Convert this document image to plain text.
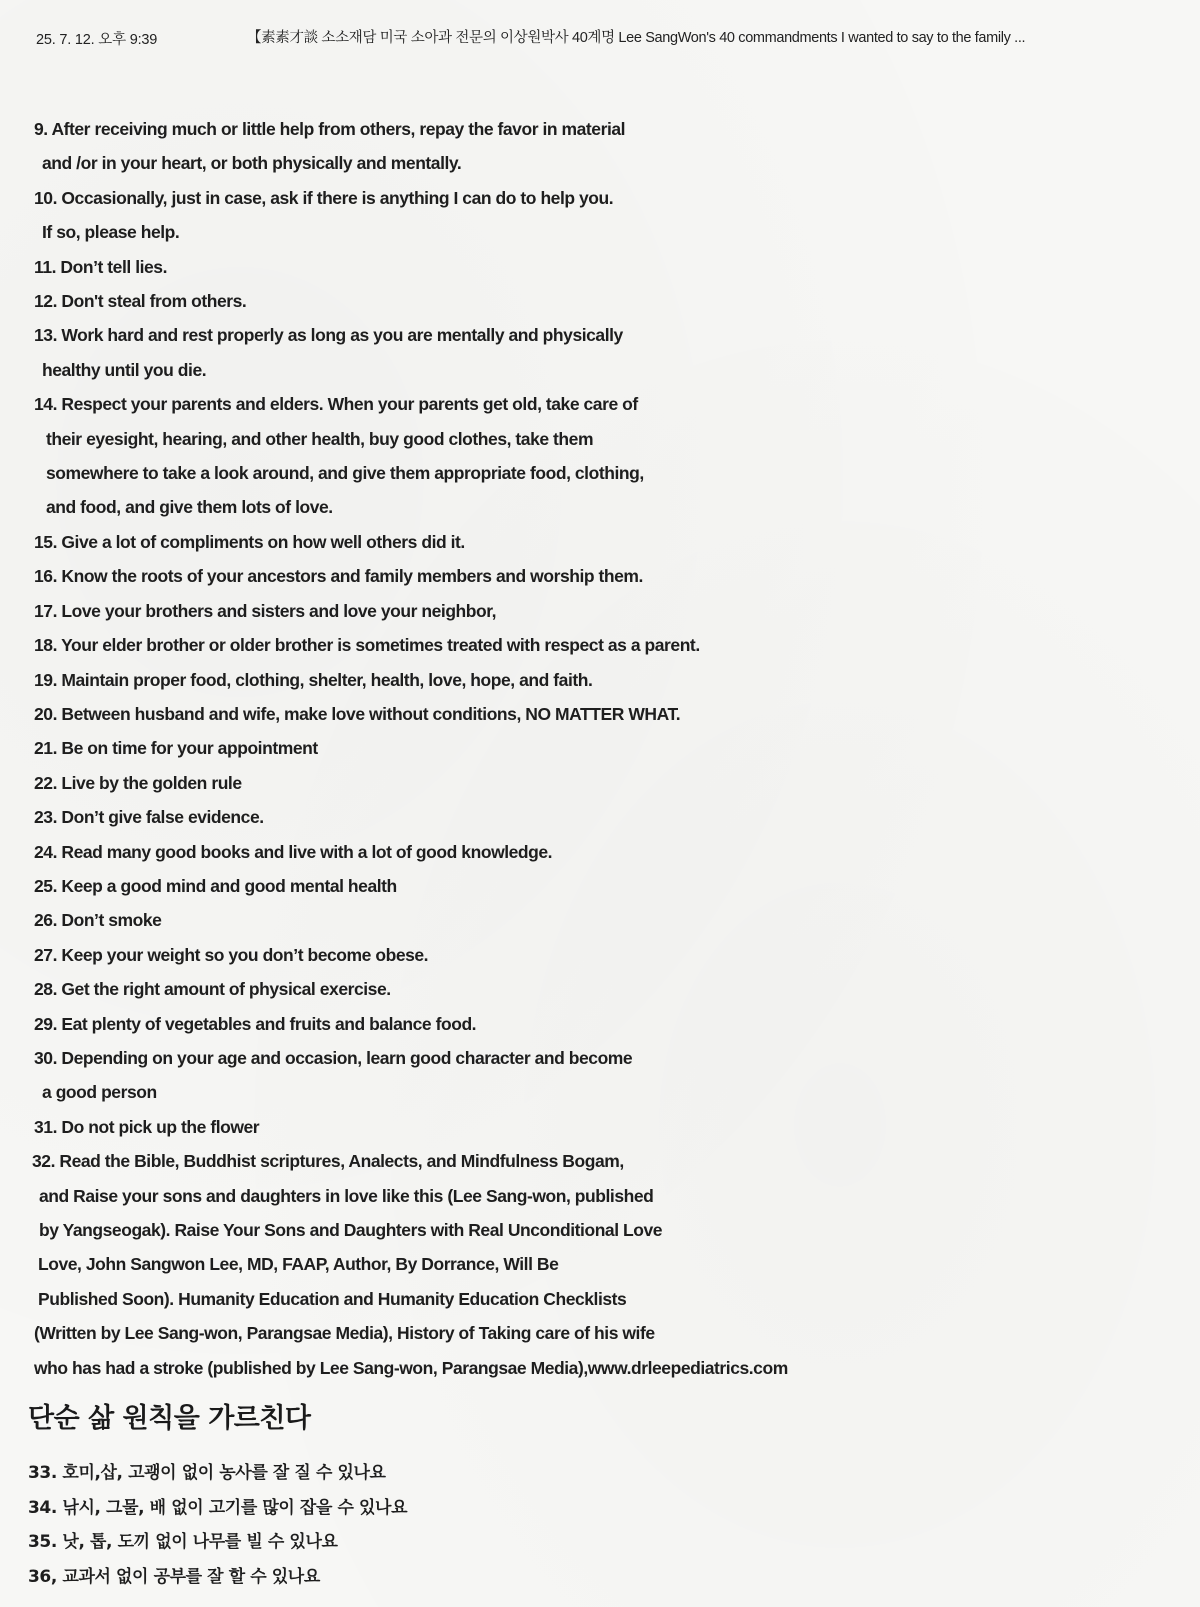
25. 7. 12. 오후 9:39	【素素才談 소소재담 미국 소아과 전문의 이상원박사 40계명 Lee SangWon's 40 commandments I wanted to say to the family ...
9. After receiving much or little help from others, repay the favor in material
and /or in your heart, or both physically and mentally.
10. Occasionally, just in case, ask if there is anything I can do to help you.
If so, please help.
11. Don’t tell lies.
12. Don't steal from others.
13. Work hard and rest properly as long as you are mentally and physically
healthy until you die.
14. Respect your parents and elders. When your parents get old, take care of
their eyesight, hearing, and other health, buy good clothes, take them
somewhere to take a look around, and give them appropriate food, clothing,
and food, and give them lots of love.
15. Give a lot of compliments on how well others did it.
16. Know the roots of your ancestors and family members and worship them.
17. Love your brothers and sisters and love your neighbor,
18. Your elder brother or older brother is sometimes treated with respect as a parent.
19. Maintain proper food, clothing, shelter, health, love, hope, and faith.
20. Between husband and wife, make love without conditions, NO MATTER WHAT.
21. Be on time for your appointment
22. Live by the golden rule
23. Don’t give false evidence.
24. Read many good books and live with a lot of good knowledge.
25. Keep a good mind and good mental health
26. Don’t smoke
27. Keep your weight so you don’t become obese.
28. Get the right amount of physical exercise.
29. Eat plenty of vegetables and fruits and balance food.
30. Depending on your age and occasion, learn good character and become
a good person
31. Do not pick up the flower
32. Read the Bible, Buddhist scriptures, Analects, and Mindfulness Bogam,
and Raise your sons and daughters in love like this (Lee Sang-won, published
by Yangseogak). Raise Your Sons and Daughters with Real Unconditional Love
Love, John Sangwon Lee, MD, FAAP, Author, By Dorrance, Will Be
Published Soon). Humanity Education and Humanity Education Checklists
(Written by Lee Sang-won, Parangsae Media), History of Taking care of his wife
who has had a stroke (published by Lee Sang-won, Parangsae Media),www.drleepediatrics.com
단순 삶 원칙을 가르친다
33. 호미,삽, 고괭이 없이 농사를 잘 질 수 있나요
34. 낚시, 그물, 배 없이 고기를 많이 잡을 수 있나요
35. 낫, 톱, 도끼 없이 나무를 빌 수 있나요
36, 교과서 없이 공부를 잘 할 수 있나요
